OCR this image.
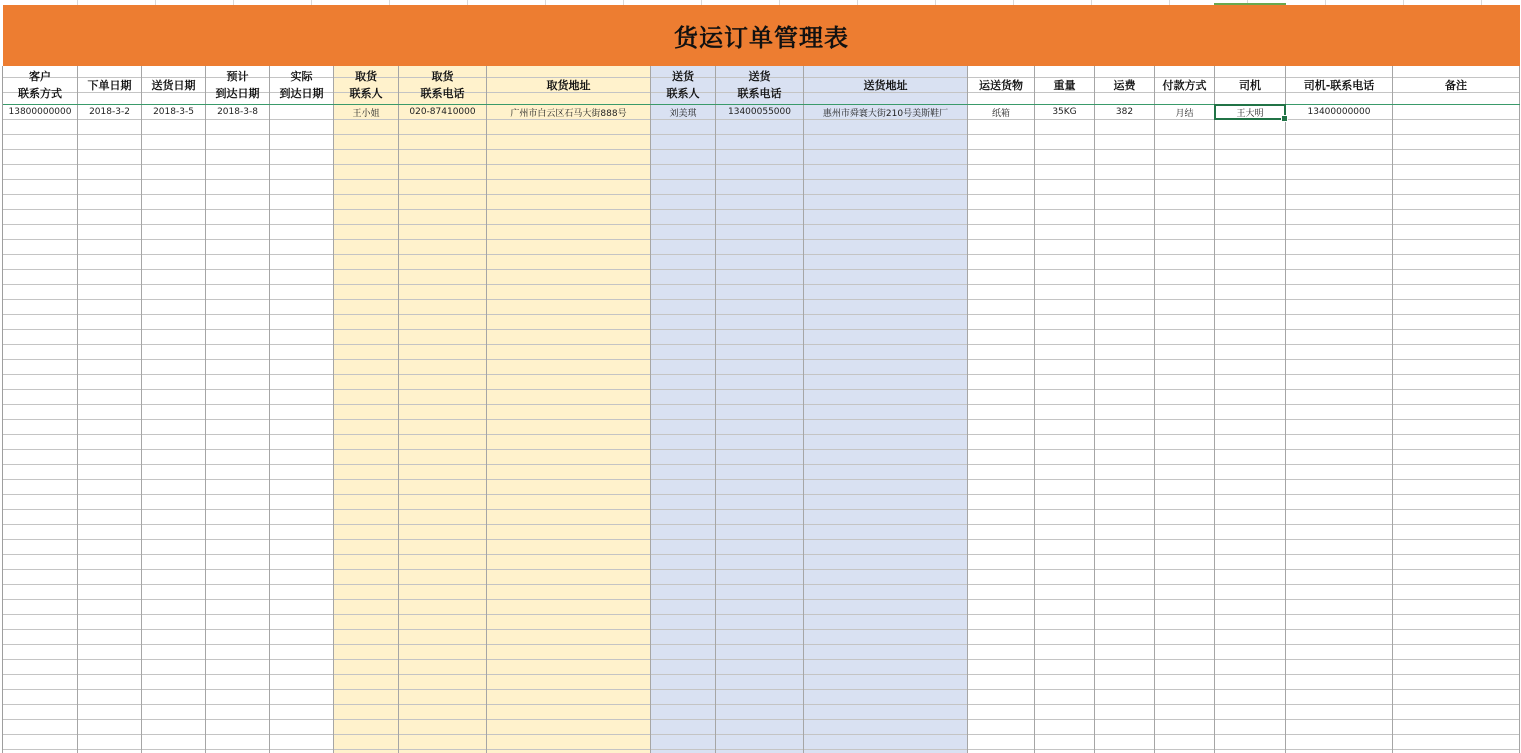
货运订单管理表
客户
联系方式
13800000000
下单日期
2018-3-2
送货日期
2018-3-5
预计
到达日期
2018-3-8
实际
到达日期
取货
联系人
王小姐
取货
联系电话
020-87410000
取货地址
广州市白云区石马大街888号
送货
联系人
刘美琪
送货
联系电话
13400055000
送货地址
惠州市舜寰大街210号美斯鞋厂
运送货物
纸箱
重量
35KG
运费
382
付款方式
月结
司机
王大明
司机-联系电话
13400000000
备注
